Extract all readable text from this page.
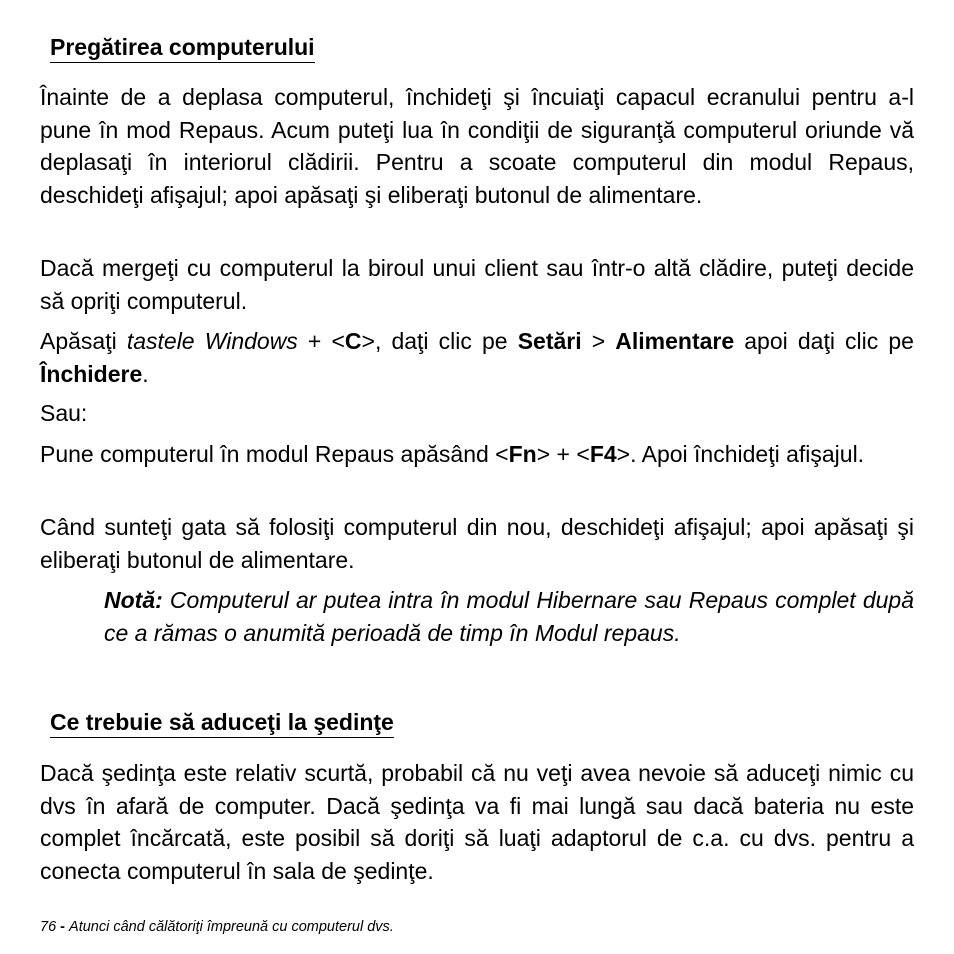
Pregătirea computerului

Înainte de a deplasa computerul, închideţi şi încuiaţi capacul ecranului pentru a-l pune în mod Repaus. Acum puteţi lua în condiţii de siguranţă computerul oriunde vă deplasaţi în interiorul clădirii. Pentru a scoate computerul din modul Repaus, deschideţi afişajul; apoi apăsaţi şi eliberaţi butonul de alimentare.

Dacă mergeţi cu computerul la biroul unui client sau într-o altă clădire, puteţi decide să opriţi computerul.

Apăsaţi tastele Windows + <C>, daţi clic pe Setări > Alimentare apoi daţi clic pe Închidere.

Sau:

Pune computerul în modul Repaus apăsând <Fn> + <F4>. Apoi închideţi afişajul.

Când sunteţi gata să folosiţi computerul din nou, deschideţi afişajul; apoi apăsaţi şi eliberaţi butonul de alimentare.

Notă: Computerul ar putea intra în modul Hibernare sau Repaus complet după ce a rămas o anumită perioadă de timp în Modul repaus.

Ce trebuie să aduceţi la şedinţe

Dacă şedinţa este relativ scurtă, probabil că nu veţi avea nevoie să aduceţi nimic cu dvs în afară de computer. Dacă şedinţa va fi mai lungă sau dacă bateria nu este complet încărcată, este posibil să doriţi să luaţi adaptorul de c.a. cu dvs. pentru a conecta computerul în sala de şedinţe.

76 - Atunci când călătoriţi împreună cu computerul dvs.
